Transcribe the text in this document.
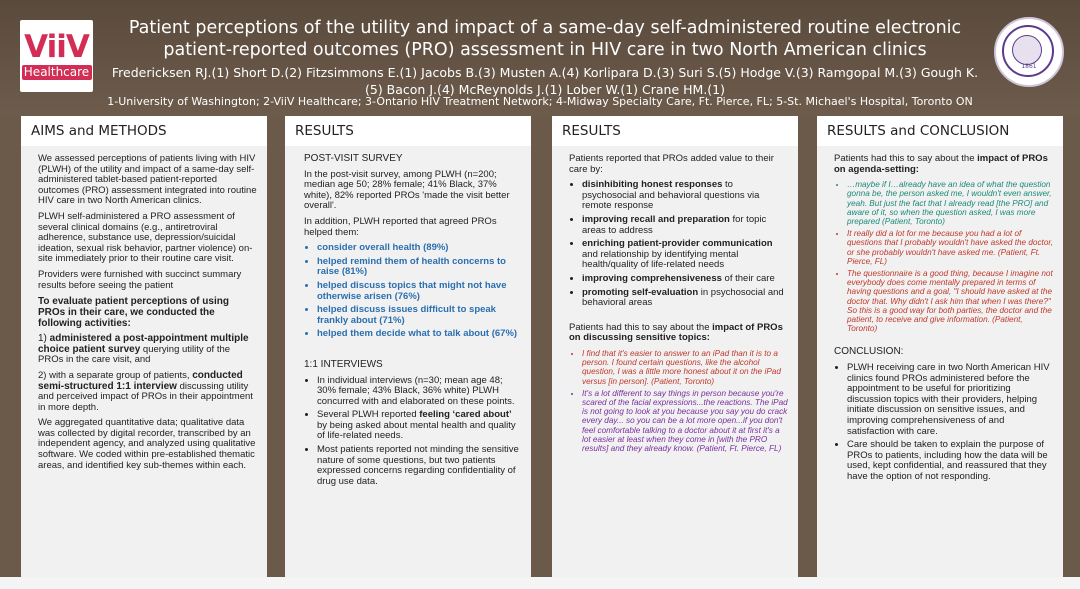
ViiV
Healthcare
Patient perceptions of the utility and impact of a same-day self-administered routine electronic patient-reported outcomes (PRO) assessment in HIV care in two North American clinics
Fredericksen RJ.(1) Short D.(2) Fitzsimmons E.(1) Jacobs B.(3) Musten A.(4) Korlipara D.(3) Suri S.(5) Hodge V.(3) Ramgopal M.(3) Gough K.(5) Bacon J.(4) McReynolds J.(1) Lober W.(1) Crane HM.(1)
1861
1-University of Washington; 2-ViiV Healthcare; 3-Ontario HIV Treatment Network; 4-Midway Specialty Care, Ft. Pierce, FL; 5-St. Michael's Hospital, Toronto ON
AIMS and METHODS

We assessed perceptions of patients living with HIV (PLWH) of the utility and impact of a same-day self-administered tablet-based patient-reported outcomes (PRO) assessment integrated into routine HIV care in two North American clinics.

PLWH self-administered a PRO assessment of several clinical domains (e.g., antiretroviral adherence, substance use, depression/suicidal ideation, sexual risk behavior, partner violence) on-site immediately prior to their routine care visit.

Providers were furnished with succinct summary results before seeing the patient

To evaluate patient perceptions of using PROs in their care, we conducted the following activities:

1) administered a post-appointment multiple choice patient survey querying utility of the PROs in the care visit, and

2) with a separate group of patients, conducted semi-structured 1:1 interview discussing utility and perceived impact of PROs in their appointment in more depth.

We aggregated quantitative data; qualitative data was collected by digital recorder, transcribed by an independent agency, and analyzed using qualitative software. We coded within pre-established thematic areas, and identified key sub-themes within each.

RESULTS

POST-VISIT SURVEY

In the post-visit survey, among PLWH (n=200; median age 50; 28% female; 41% Black, 37% white), 82% reported PROs 'made the visit better overall'.

In addition, PLWH reported that agreed PROs helped them:

• consider overall health (89%)
• helped remind them of health concerns to raise (81%)
• helped discuss topics that might not have otherwise arisen (76%)
• helped discuss issues difficult to speak frankly about (71%)
• helped them decide what to talk about (67%)

1:1 INTERVIEWS

• In individual interviews (n=30; mean age 48; 30% female; 43% Black, 36% white) PLWH concurred with and elaborated on these points.
• Several PLWH reported feeling ‘cared about’ by being asked about mental health and quality of life-related needs.
• Most patients reported not minding the sensitive nature of some questions, but two patients expressed concerns regarding confidentiality of drug use data.
RESULTS

Patients reported that PROs added value to their care by:

• disinhibiting honest responses to psychosocial and behavioral questions via remote response
• improving recall and preparation for topic areas to address
• enriching patient-provider communication and relationship by identifying mental health/quality of life-related needs
• improving comprehensiveness of their care
• promoting self-evaluation in psychosocial and behavioral areas

Patients had this to say about the impact of PROs on discussing sensitive topics:

• I find that it's easier to answer to an iPad than it is to a person. I found certain questions, like the alcohol question, I was a little more honest about it on the iPad versus [in person]. (Patient, Toronto)
• It's a lot different to say things in person because you're scared of the facial expressions...the reactions. The iPad is not going to look at you because you say you do crack every day... so you can be a lot more open...if you don't feel comfortable talking to a doctor about it at first it's a lot easier at least when they come in [with the PRO results] and they already know. (Patient, Ft. Pierce, FL)
RESULTS and CONCLUSION

Patients had this to say about the impact of PROs on agenda-setting:

• …maybe if I…already have an idea of what the question gonna be, the person asked me, I wouldn't even answer, yeah. But just the fact that I already read [the PRO] and aware of it, so when the question asked, I was more prepared (Patient, Toronto)
• It really did a lot for me because you had a lot of questions that I probably wouldn't have asked the doctor, or she probably wouldn't have asked me. (Patient, Ft. Pierce, FL)
• The questionnaire is a good thing, because I imagine not everybody does come mentally prepared in terms of having questions and a goal, "I should have asked at the doctor that. Why didn't I ask him that when I was there?" So this is a good way for both parties, the doctor and the patient, to receive and give information. (Patient, Toronto)

CONCLUSION:

• PLWH receiving care in two North American HIV clinics found PROs administered before the appointment to be useful for prioritizing discussion topics with their providers, helping initiate discussion on sensitive issues, and improving comprehensiveness of and satisfaction with care.
• Care should be taken to explain the purpose of PROs to patients, including how the data will be used, kept confidential, and reassured that they have the option of not responding.
